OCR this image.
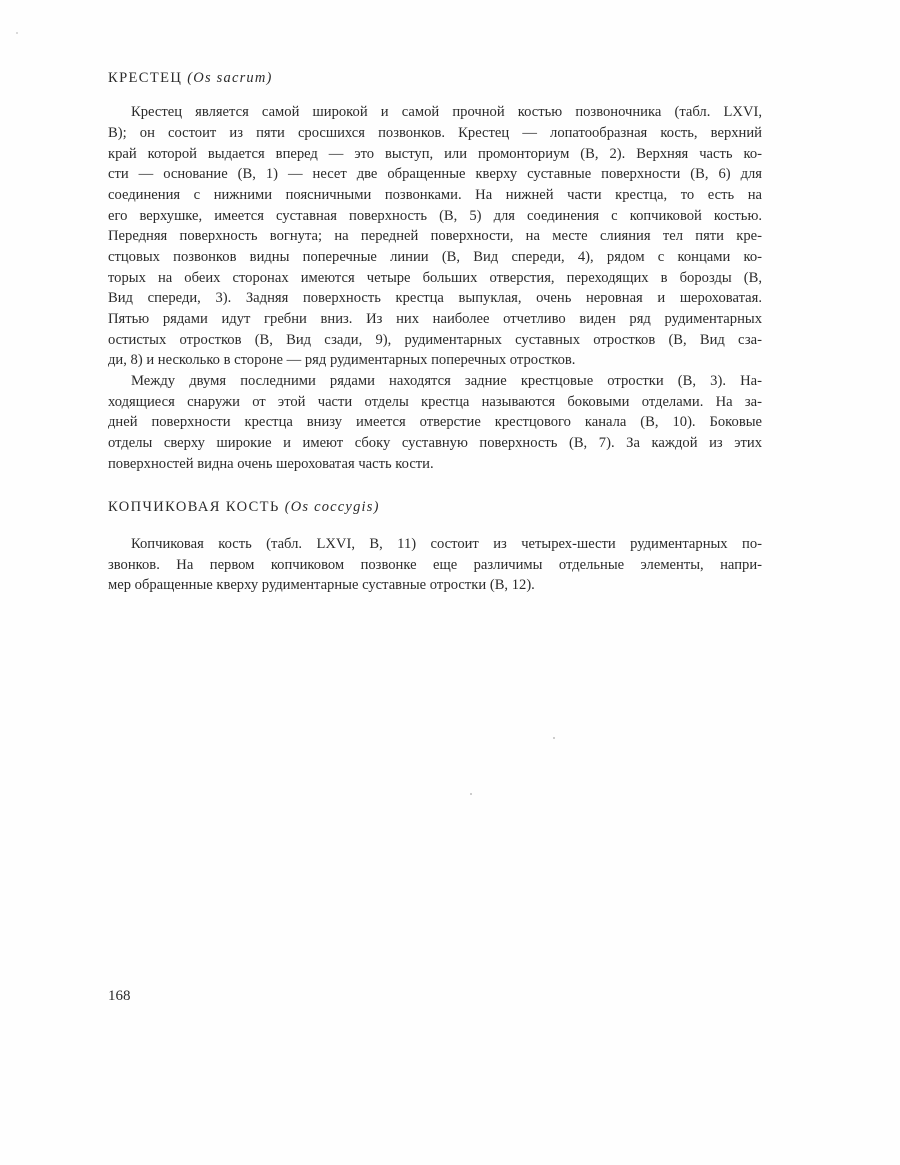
КРЕСТЕЦ (Os sacrum)
Крестец является самой широкой и самой прочной костью позвоночника (табл. LXVI,
В); он состоит из пяти сросшихся позвонков. Крестец — лопатообразная кость, верхний
край которой выдается вперед — это выступ, или промонториум (В, 2). Верхняя часть ко-
сти — основание (В, 1) — несет две обращенные кверху суставные поверхности (В, 6) для
соединения с нижними поясничными позвонками. На нижней части крестца, то есть на
его верхушке, имеется суставная поверхность (В, 5) для соединения с копчиковой костью.
Передняя поверхность вогнута; на передней поверхности, на месте слияния тел пяти кре-
стцовых позвонков видны поперечные линии (В, Вид спереди, 4), рядом с концами ко-
торых на обеих сторонах имеются четыре больших отверстия, переходящих в борозды (В,
Вид спереди, 3). Задняя поверхность крестца выпуклая, очень неровная и шероховатая.
Пятью рядами идут гребни вниз. Из них наиболее отчетливо виден ряд рудиментарных
остистых отростков (В, Вид сзади, 9), рудиментарных суставных отростков (В, Вид сза-
ди, 8) и несколько в стороне — ряд рудиментарных поперечных отростков.
Между двумя последними рядами находятся задние крестцовые отростки (В, 3). На-
ходящиеся снаружи от этой части отделы крестца называются боковыми отделами. На за-
дней поверхности крестца внизу имеется отверстие крестцового канала (В, 10). Боковые
отделы сверху широкие и имеют сбоку суставную поверхность (В, 7). За каждой из этих
поверхностей видна очень шероховатая часть кости.
КОПЧИКОВАЯ КОСТЬ (Os coccygis)
Копчиковая кость (табл. LXVI, В, 11) состоит из четырех-шести рудиментарных по-
звонков. На первом копчиковом позвонке еще различимы отдельные элементы, напри-
мер обращенные кверху рудиментарные суставные отростки (В, 12).

168
